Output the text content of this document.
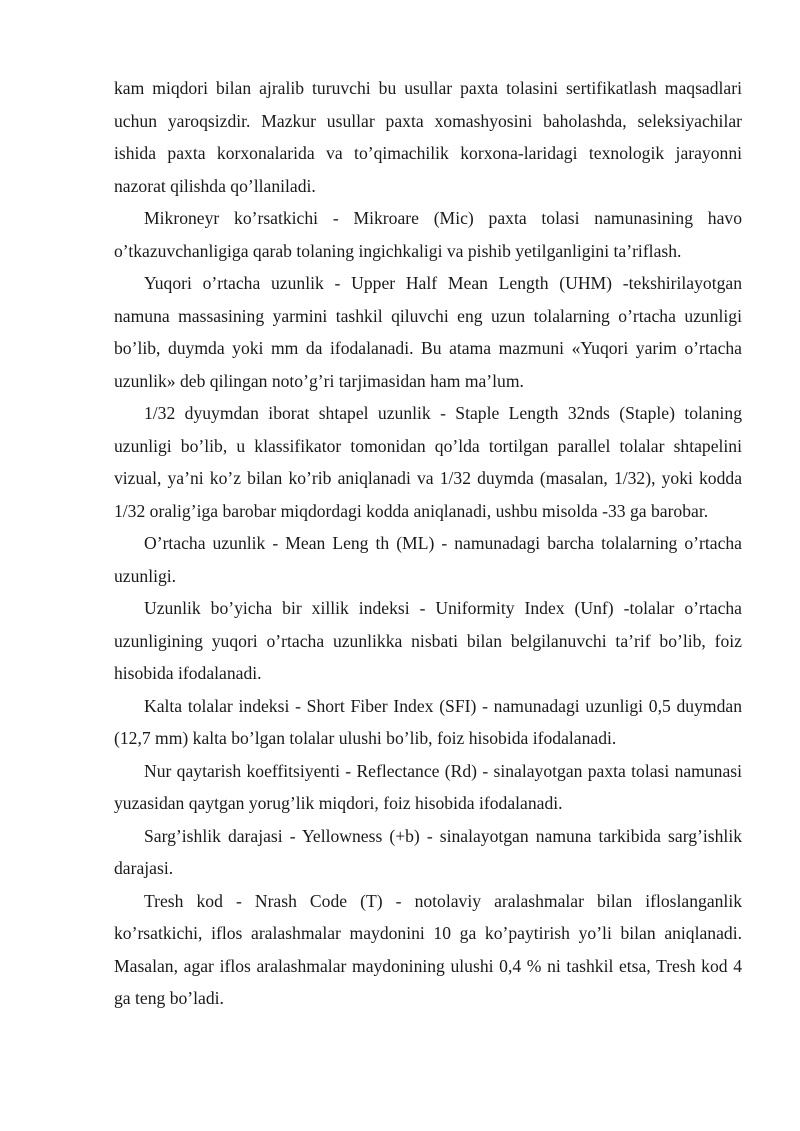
kam miqdori bilan ajralib turuvchi bu usullar paxta tolasini sertifikatlash maqsadlari uchun yaroqsizdir. Mazkur usullar paxta xomashyosini baholashda, seleksiyachilar ishida paxta korxonalarida va to’qimachilik korxona-laridagi texnologik jarayonni nazorat qilishda qo’llaniladi.

Mikroneyr ko’rsatkichi - Mikroare (Mic) paxta tolasi namunasining havo o’tkazuvchanligiga qarab tolaning ingichkaligi va pishib yetilganligini ta’riflash.

Yuqori o’rtacha uzunlik - Upper Half Mean Length (UHM) -tekshirilayotgan namuna massasining yarmini tashkil qiluvchi eng uzun tolalarning o’rtacha uzunligi bo’lib, duymda yoki mm da ifodalanadi. Bu atama mazmuni «Yuqori yarim o’rtacha uzunlik» deb qilingan noto’g’ri tarjimasidan ham ma’lum.

1/32 dyuymdan iborat shtapel uzunlik - Staple Length 32nds (Staple) tolaning uzunligi bo’lib, u klassifikator tomonidan qo’lda tortilgan parallel tolalar shtapelini vizual, ya’ni ko’z bilan ko’rib aniqlanadi va 1/32 duymda (masalan, 1/32), yoki kodda 1/32 oralig’iga barobar miqdordagi kodda aniqlanadi, ushbu misolda -33 ga barobar.

O’rtacha uzunlik - Mean Leng th (ML) - namunadagi barcha tolalarning o’rtacha uzunligi.

Uzunlik bo’yicha bir xillik indeksi - Uniformity Index (Unf) -tolalar o’rtacha uzunligining yuqori o’rtacha uzunlikka nisbati bilan belgilanuvchi ta’rif bo’lib, foiz hisobida ifodalanadi.

Kalta tolalar indeksi - Short Fiber Index (SFI) - namunadagi uzunligi 0,5 duymdan (12,7 mm) kalta bo’lgan tolalar ulushi bo’lib, foiz hisobida ifodalanadi.

Nur qaytarish koeffitsiyenti - Reflectance (Rd) - sinalayotgan paxta tolasi namunasi yuzasidan qaytgan yorug’lik miqdori, foiz hisobida ifodalanadi.

Sarg’ishlik darajasi - Yellowness (+b) - sinalayotgan namuna tarkibida sarg’ishlik darajasi.

Tresh kod - Nrash Code (T) - notolaviy aralashmalar bilan ifloslanganlik ko’rsatkichi, iflos aralashmalar maydonini 10 ga ko’paytirish yo’li bilan aniqlanadi. Masalan, agar iflos aralashmalar maydonining ulushi 0,4 % ni tashkil etsa, Tresh kod 4 ga teng bo’ladi.
